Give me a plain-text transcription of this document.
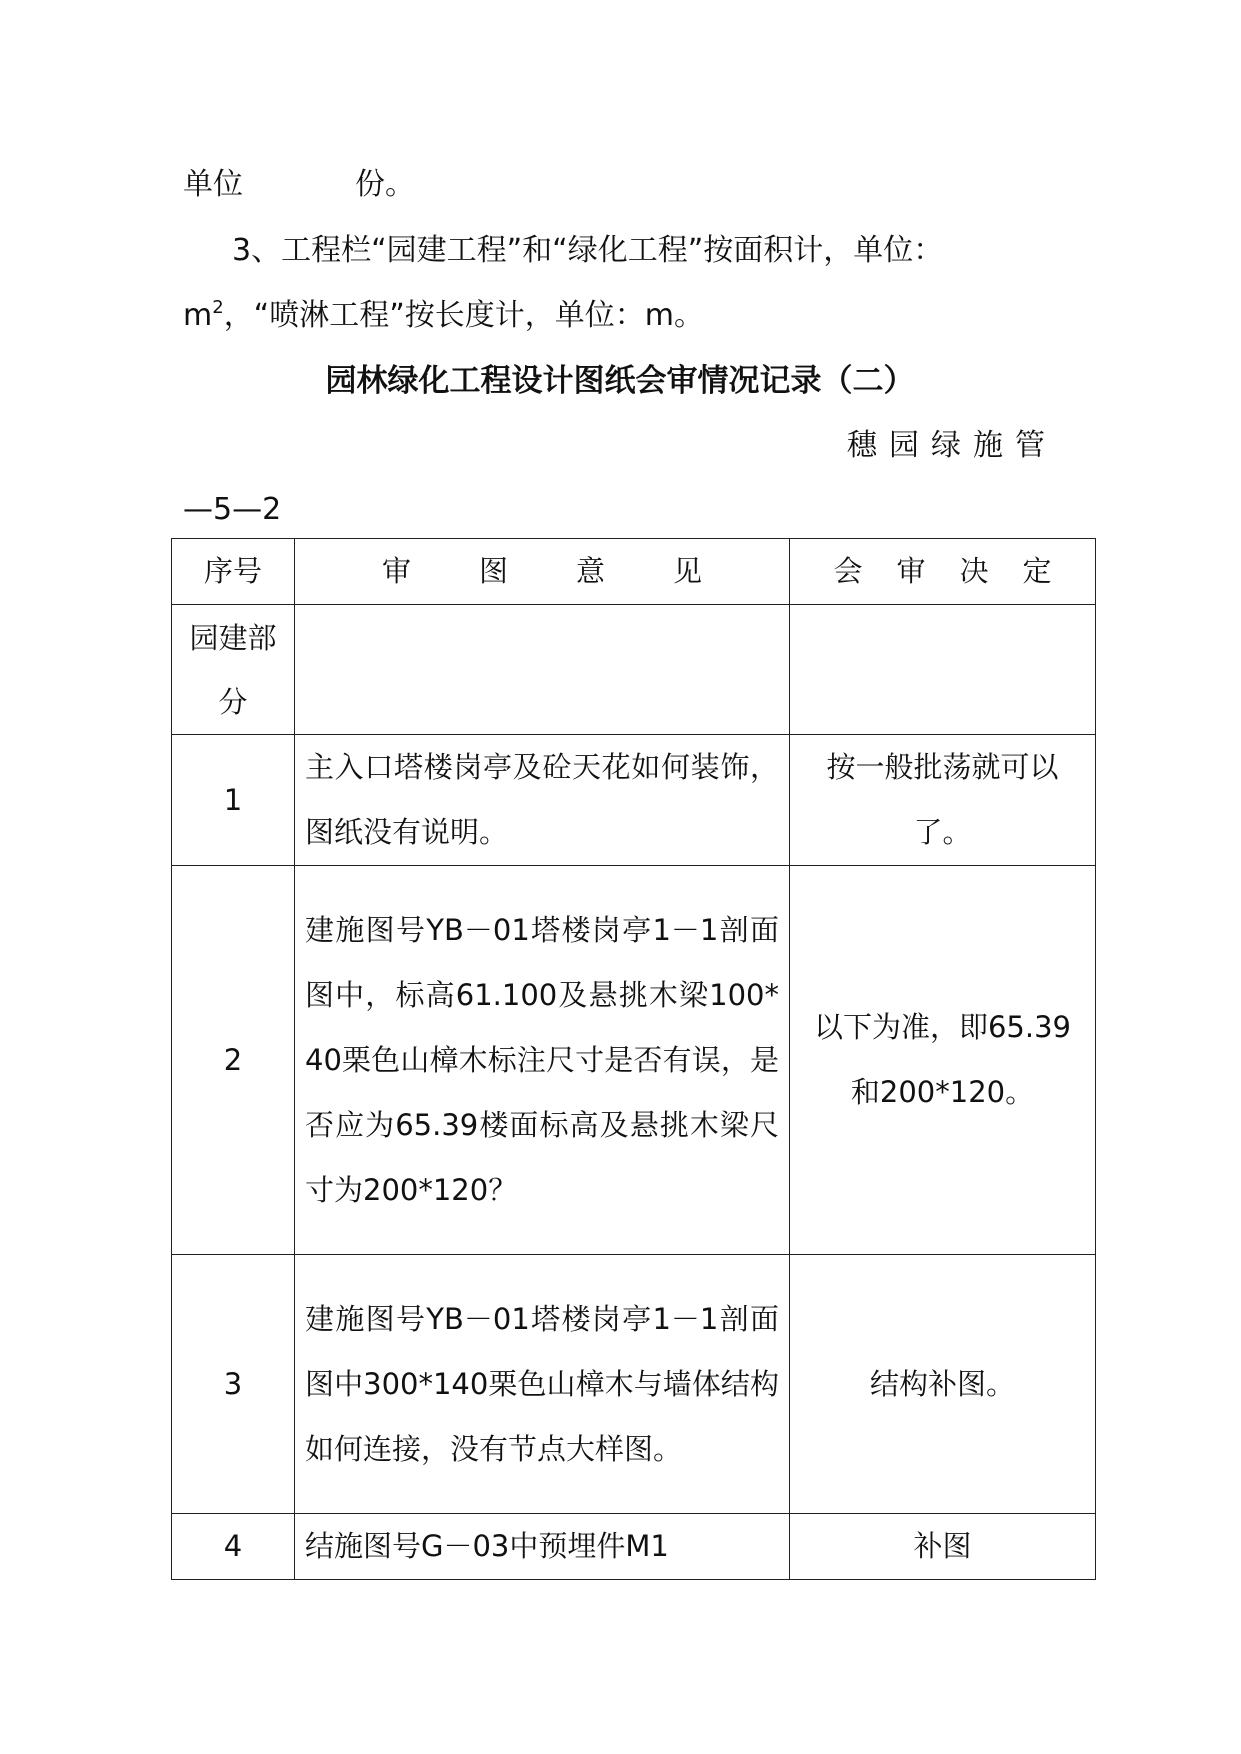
单位	份。
3、工程栏“园建工程”和“绿化工程”按面积计，单位：
$m^2$，“喷淋工程”按长度计，单位：m。
园林绿化工程设计图纸会审情况记录（二）
穗园绿施管
—5—2
序号	审图意见	会审决定
园建部分		
1	主入口塔楼岗亭及砼天花如何装饰，图纸没有说明。	按一般批荡就可以了。
2	建施图号YB－01塔楼岗亭1－1剖面图中，标高61.100及悬挑木梁100*40栗色山樟木标注尺寸是否有误，是否应为65.39楼面标高及悬挑木梁尺寸为200*120？	以下为准，即65.39和200*120。
3	建施图号YB－01塔楼岗亭1－1剖面图中300*140栗色山樟木与墙体结构如何连接，没有节点大样图。	结构补图。
4	结施图号G－03中预埋件M1	补图
